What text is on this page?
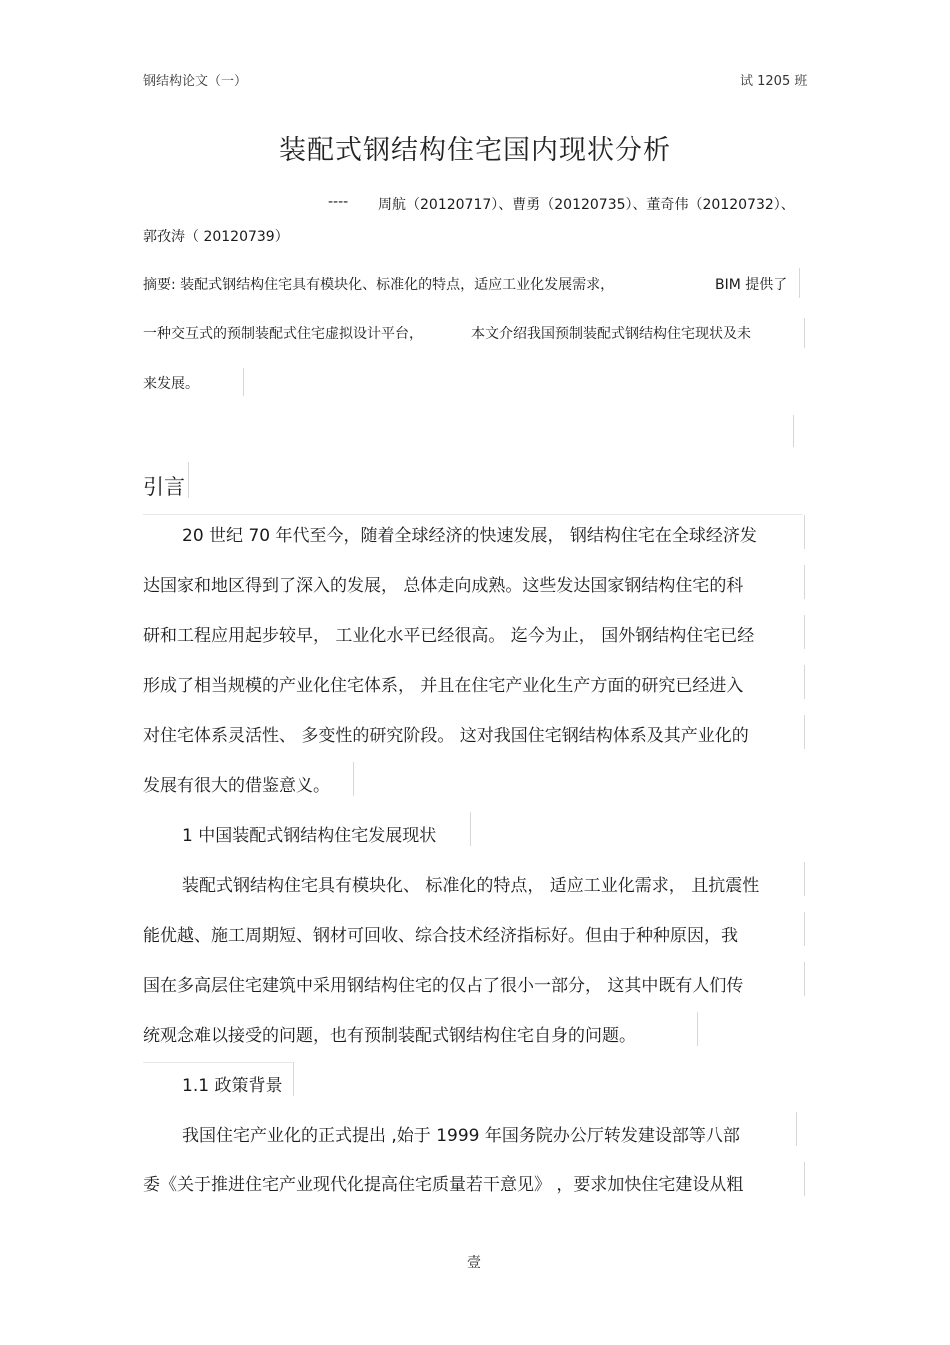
钢结构论文（一）	试 1205 班
装配式钢结构住宅国内现状分析
---- 周航（20120717）、曹勇（20120735）、董奇伟（20120732）、
郭孜涛（ 20120739）
摘要: 装配式钢结构住宅具有模块化、标准化的特点，适应工业化发展需求，	BIM 提供了
一种交互式的预制装配式住宅虚拟设计平台，	本文介绍我国预制装配式钢结构住宅现状及未
来发展。
引言
20 世纪 70 年代至今，随着全球经济的快速发展， 钢结构住宅在全球经济发
达国家和地区得到了深入的发展， 总体走向成熟。这些发达国家钢结构住宅的科
研和工程应用起步较早， 工业化水平已经很高。 迄今为止， 国外钢结构住宅已经
形成了相当规模的产业化住宅体系， 并且在住宅产业化生产方面的研究已经进入
对住宅体系灵活性、 多变性的研究阶段。 这对我国住宅钢结构体系及其产业化的
发展有很大的借鉴意义。
1 中国装配式钢结构住宅发展现状
装配式钢结构住宅具有模块化、 标准化的特点， 适应工业化需求， 且抗震性
能优越、施工周期短、钢材可回收、综合技术经济指标好。但由于种种原因，我
国在多高层住宅建筑中采用钢结构住宅的仅占了很小一部分， 这其中既有人们传
统观念难以接受的问题，也有预制装配式钢结构住宅自身的问题。
1.1 政策背景
我国住宅产业化的正式提出 ,始于 1999 年国务院办公厅转发建设部等八部
委《关于推进住宅产业现代化提高住宅质量若干意见》 ，要求加快住宅建设从粗
壹
